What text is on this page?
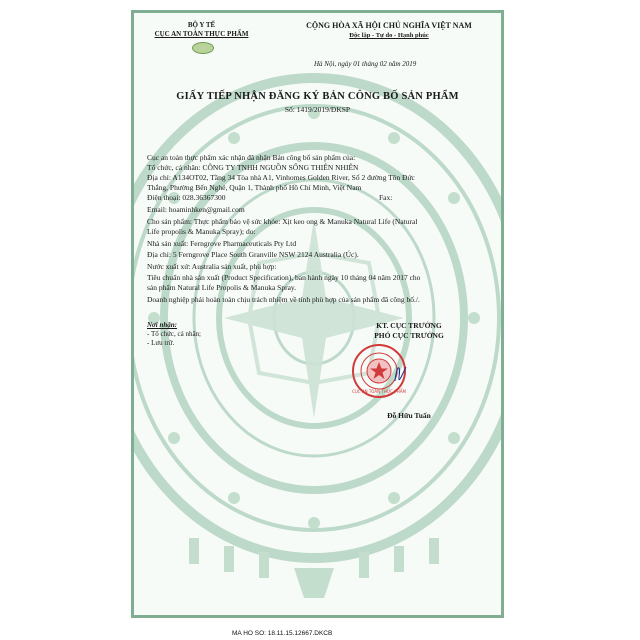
BỘ Y TẾ
CỤC AN TOÀN THỰC PHẨM
CỘNG HÒA XÃ HỘI CHỦ NGHĨA VIỆT NAM
Độc lập - Tự do - Hạnh phúc
Hà Nội, ngày 01 tháng 02 năm 2019
GIẤY TIẾP NHẬN ĐĂNG KÝ BẢN CÔNG BỐ SẢN PHẨM
Số: 1419/2019/ĐKSP
Cục an toàn thực phẩm xác nhận đã nhận Bản công bố sản phẩm của:
Tổ chức, cá nhân: CÔNG TY TNHH NGUỒN SỐNG THIÊN NHIÊN
Địa chỉ: A134OT02, Tầng 34 Tòa nhà A1, Vinhomes Golden River, Số 2 đường Tôn Đức
Thắng, Phường Bến Nghé, Quận 1, Thành phố Hồ Chí Minh, Việt Nam
Điện thoại: 028.36367300	Fax:
Email: hoaminhken@gmail.com
Cho sản phẩm: Thực phẩm bảo vệ sức khỏe: Xịt keo ong & Manuka Natural Life (Natural
Life propolis & Manuka Spray); do:
Nhà sản xuất: Ferngrove Pharmaceuticals Pty Ltd
Địa chỉ: 5 Ferngrove Place South Granville NSW 2124 Australia (Úc).
Nước xuất xứ: Australia sản xuất, phù hợp:
Tiêu chuẩn nhà sản xuất (Product Specification), ban hành ngày 10 tháng 04 năm 2017 cho
sản phẩm Natural Life Propolis & Manuka Spray.
Doanh nghiệp phải hoàn toàn chịu trách nhiệm về tính phù hợp của sản phẩm đã công bố./.
Nơi nhận:
- Tổ chức, cá nhân;
- Lưu trữ.
KT. CỤC TRƯỞNG
PHÓ CỤC TRƯỞNG
CỤC AN TOÀN THỰC PHẨM
Đỗ Hữu Tuấn
MA HO SO: 18.11.15.12667.DKCB
